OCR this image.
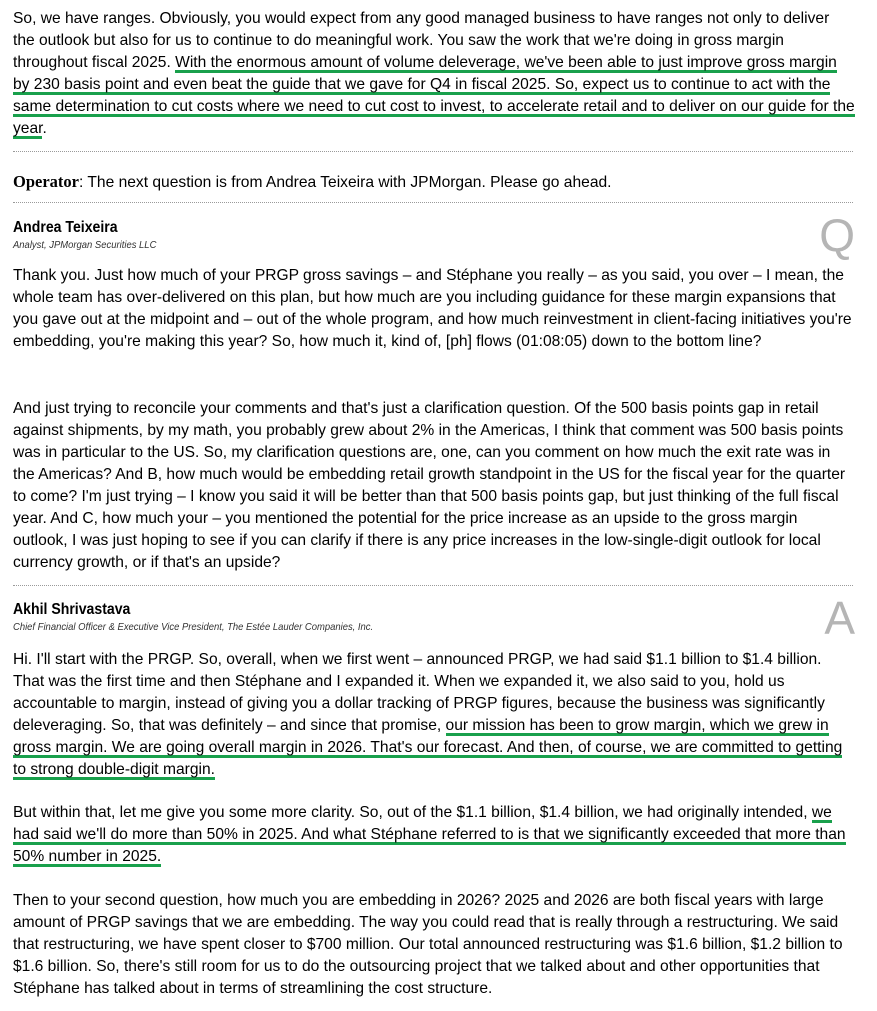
So, we have ranges. Obviously, you would expect from any good managed business to have ranges not only to deliver the outlook but also for us to continue to do meaningful work. You saw the work that we're doing in gross margin throughout fiscal 2025. With the enormous amount of volume deleverage, we've been able to just improve gross margin by 230 basis point and even beat the guide that we gave for Q4 in fiscal 2025. So, expect us to continue to act with the same determination to cut costs where we need to cut cost to invest, to accelerate retail and to deliver on our guide for the year.

Operator: The next question is from Andrea Teixeira with JPMorgan. Please go ahead.
Andrea Teixeira
Analyst, JPMorgan Securities LLC	Q

Thank you. Just how much of your PRGP gross savings – and Stéphane you really – as you said, you over – I mean, the whole team has over-delivered on this plan, but how much are you including guidance for these margin expansions that you gave out at the midpoint and – out of the whole program, and how much reinvestment in client-facing initiatives you're embedding, you're making this year? So, how much it, kind of, [ph] flows (01:08:05) down to the bottom line?

And just trying to reconcile your comments and that's just a clarification question. Of the 500 basis points gap in retail against shipments, by my math, you probably grew about 2% in the Americas, I think that comment was 500 basis points was in particular to the US. So, my clarification questions are, one, can you comment on how much the exit rate was in the Americas? And B, how much would be embedding retail growth standpoint in the US for the fiscal year for the quarter to come? I'm just trying – I know you said it will be better than that 500 basis points gap, but just thinking of the full fiscal year. And C, how much your – you mentioned the potential for the price increase as an upside to the gross margin outlook, I was just hoping to see if you can clarify if there is any price increases in the low-single-digit outlook for local currency growth, or if that's an upside?

Akhil Shrivastava
Chief Financial Officer & Executive Vice President, The Estée Lauder Companies, Inc.	A

Hi. I'll start with the PRGP. So, overall, when we first went – announced PRGP, we had said $1.1 billion to $1.4 billion. That was the first time and then Stéphane and I expanded it. When we expanded it, we also said to you, hold us accountable to margin, instead of giving you a dollar tracking of PRGP figures, because the business was significantly deleveraging. So, that was definitely – and since that promise, our mission has been to grow margin, which we grew in gross margin. We are going overall margin in 2026. That's our forecast. And then, of course, we are committed to getting to strong double-digit margin.

But within that, let me give you some more clarity. So, out of the $1.1 billion, $1.4 billion, we had originally intended, we had said we'll do more than 50% in 2025. And what Stéphane referred to is that we significantly exceeded that more than 50% number in 2025.

Then to your second question, how much you are embedding in 2026? 2025 and 2026 are both fiscal years with large amount of PRGP savings that we are embedding. The way you could read that is really through a restructuring. We said that restructuring, we have spent closer to $700 million. Our total announced restructuring was $1.6 billion, $1.2 billion to $1.6 billion. So, there's still room for us to do the outsourcing project that we talked about and other opportunities that Stéphane has talked about in terms of streamlining the cost structure.
